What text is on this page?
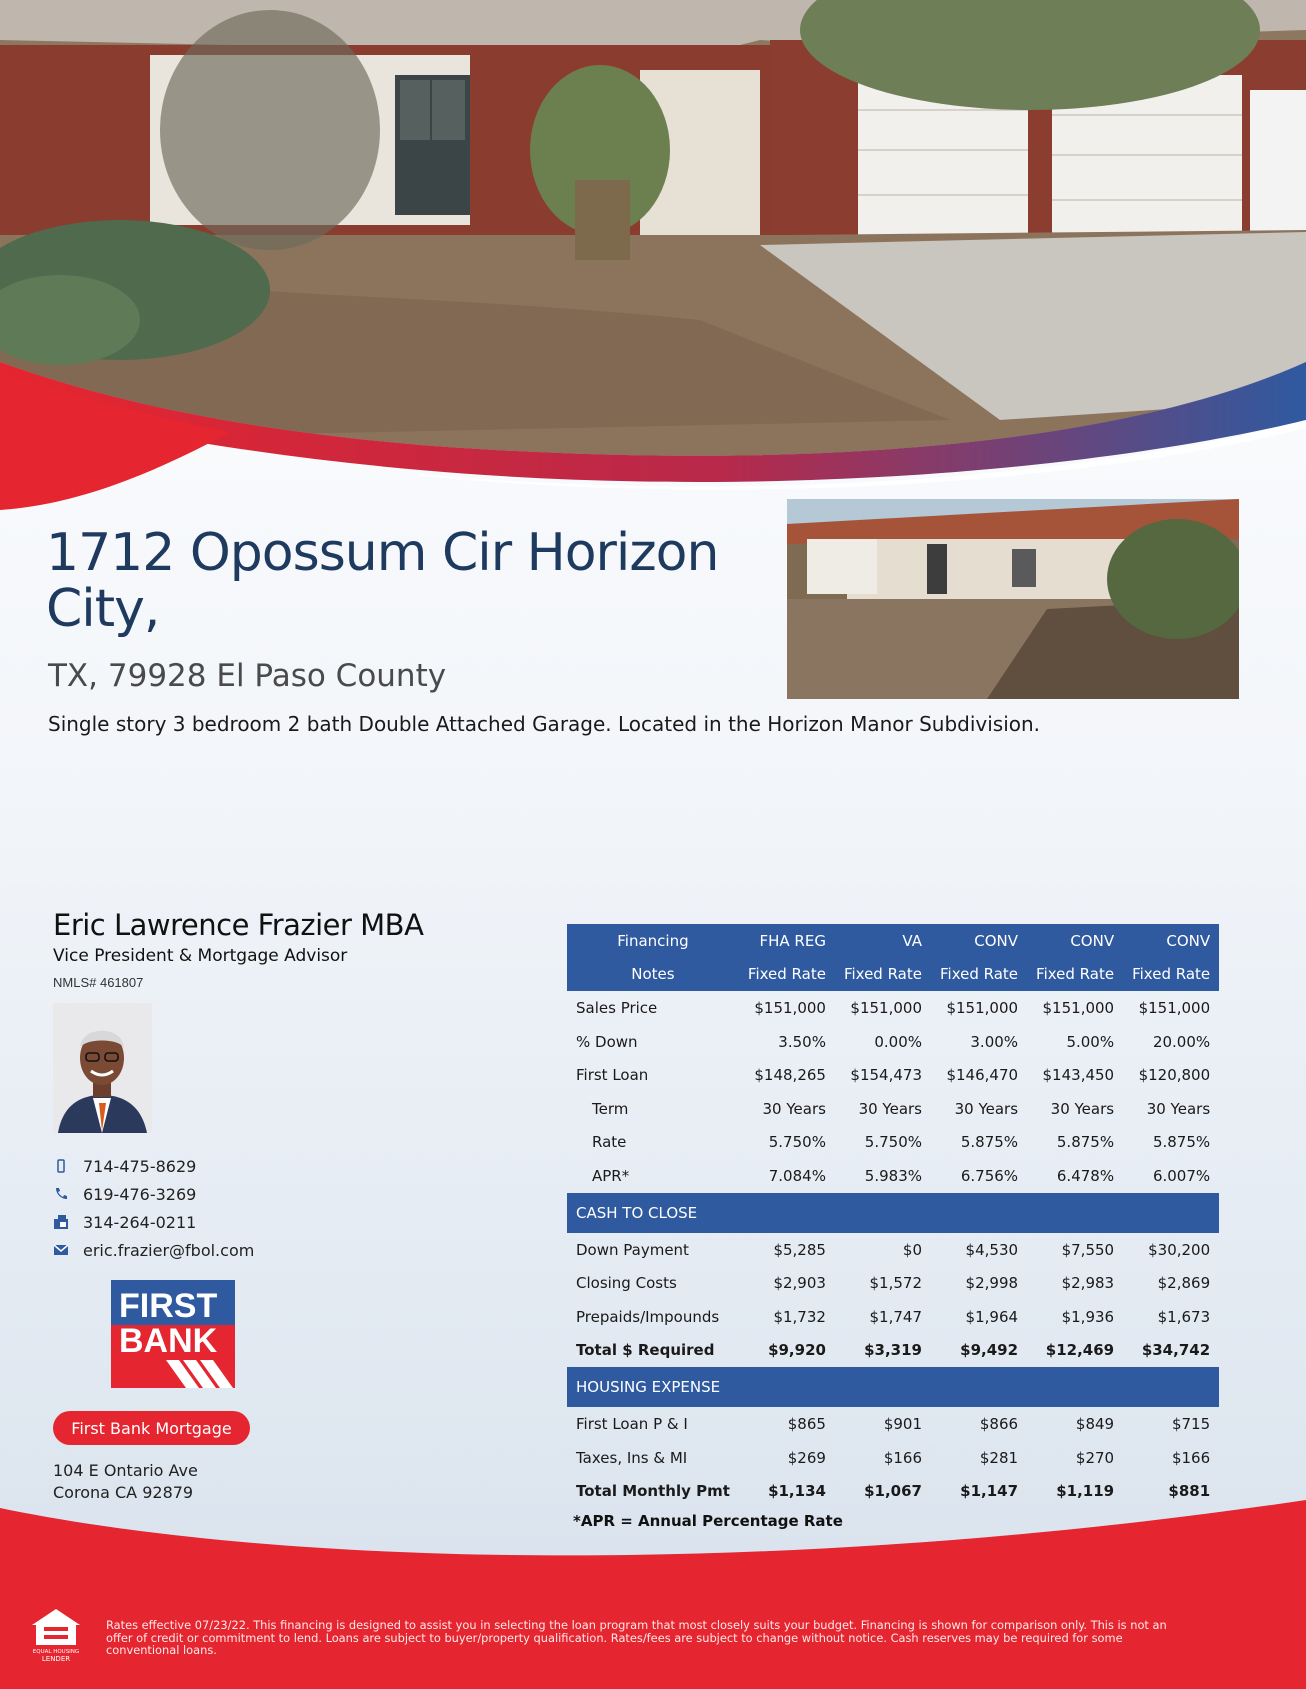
1712 Opossum Cir Horizon City,
TX, 79928 El Paso County
Single story 3 bedroom 2 bath Double Attached Garage. Located in the Horizon Manor Subdivision.
Eric Lawrence Frazier MBA
Vice President & Mortgage Advisor
NMLS# 461807
714-475-8629
619-476-3269
314-264-0211
eric.frazier@fbol.com
FIRST
BANK
First Bank Mortgage
104 E Ontario Ave
Corona CA 92879
Financing	FHA REG	VA	CONV	CONV	CONV
Notes	Fixed Rate	Fixed Rate	Fixed Rate	Fixed Rate	Fixed Rate
Sales Price	$151,000	$151,000	$151,000	$151,000	$151,000
% Down	3.50%	0.00%	3.00%	5.00%	20.00%
First Loan	$148,265	$154,473	$146,470	$143,450	$120,800
Term	30 Years	30 Years	30 Years	30 Years	30 Years
Rate	5.750%	5.750%	5.875%	5.875%	5.875%
APR*	7.084%	5.983%	6.756%	6.478%	6.007%
CASH TO CLOSE					
Down Payment	$5,285	$0	$4,530	$7,550	$30,200
Closing Costs	$2,903	$1,572	$2,998	$2,983	$2,869
Prepaids/Impounds	$1,732	$1,747	$1,964	$1,936	$1,673
Total $ Required	$9,920	$3,319	$9,492	$12,469	$34,742
HOUSING EXPENSE					
First Loan P & I	$865	$901	$866	$849	$715
Taxes, Ins & MI	$269	$166	$281	$270	$166
Total Monthly Pmt	$1,134	$1,067	$1,147	$1,119	$881
*APR = Annual Percentage Rate
EQUAL HOUSING
LENDER
Rates effective 07/23/22. This financing is designed to assist you in selecting the loan program that most closely suits your budget. Financing is shown for comparison only. This is not an offer of credit or commitment to lend. Loans are subject to buyer/property qualification. Rates/fees are subject to change without notice. Cash reserves may be required for some conventional loans.
